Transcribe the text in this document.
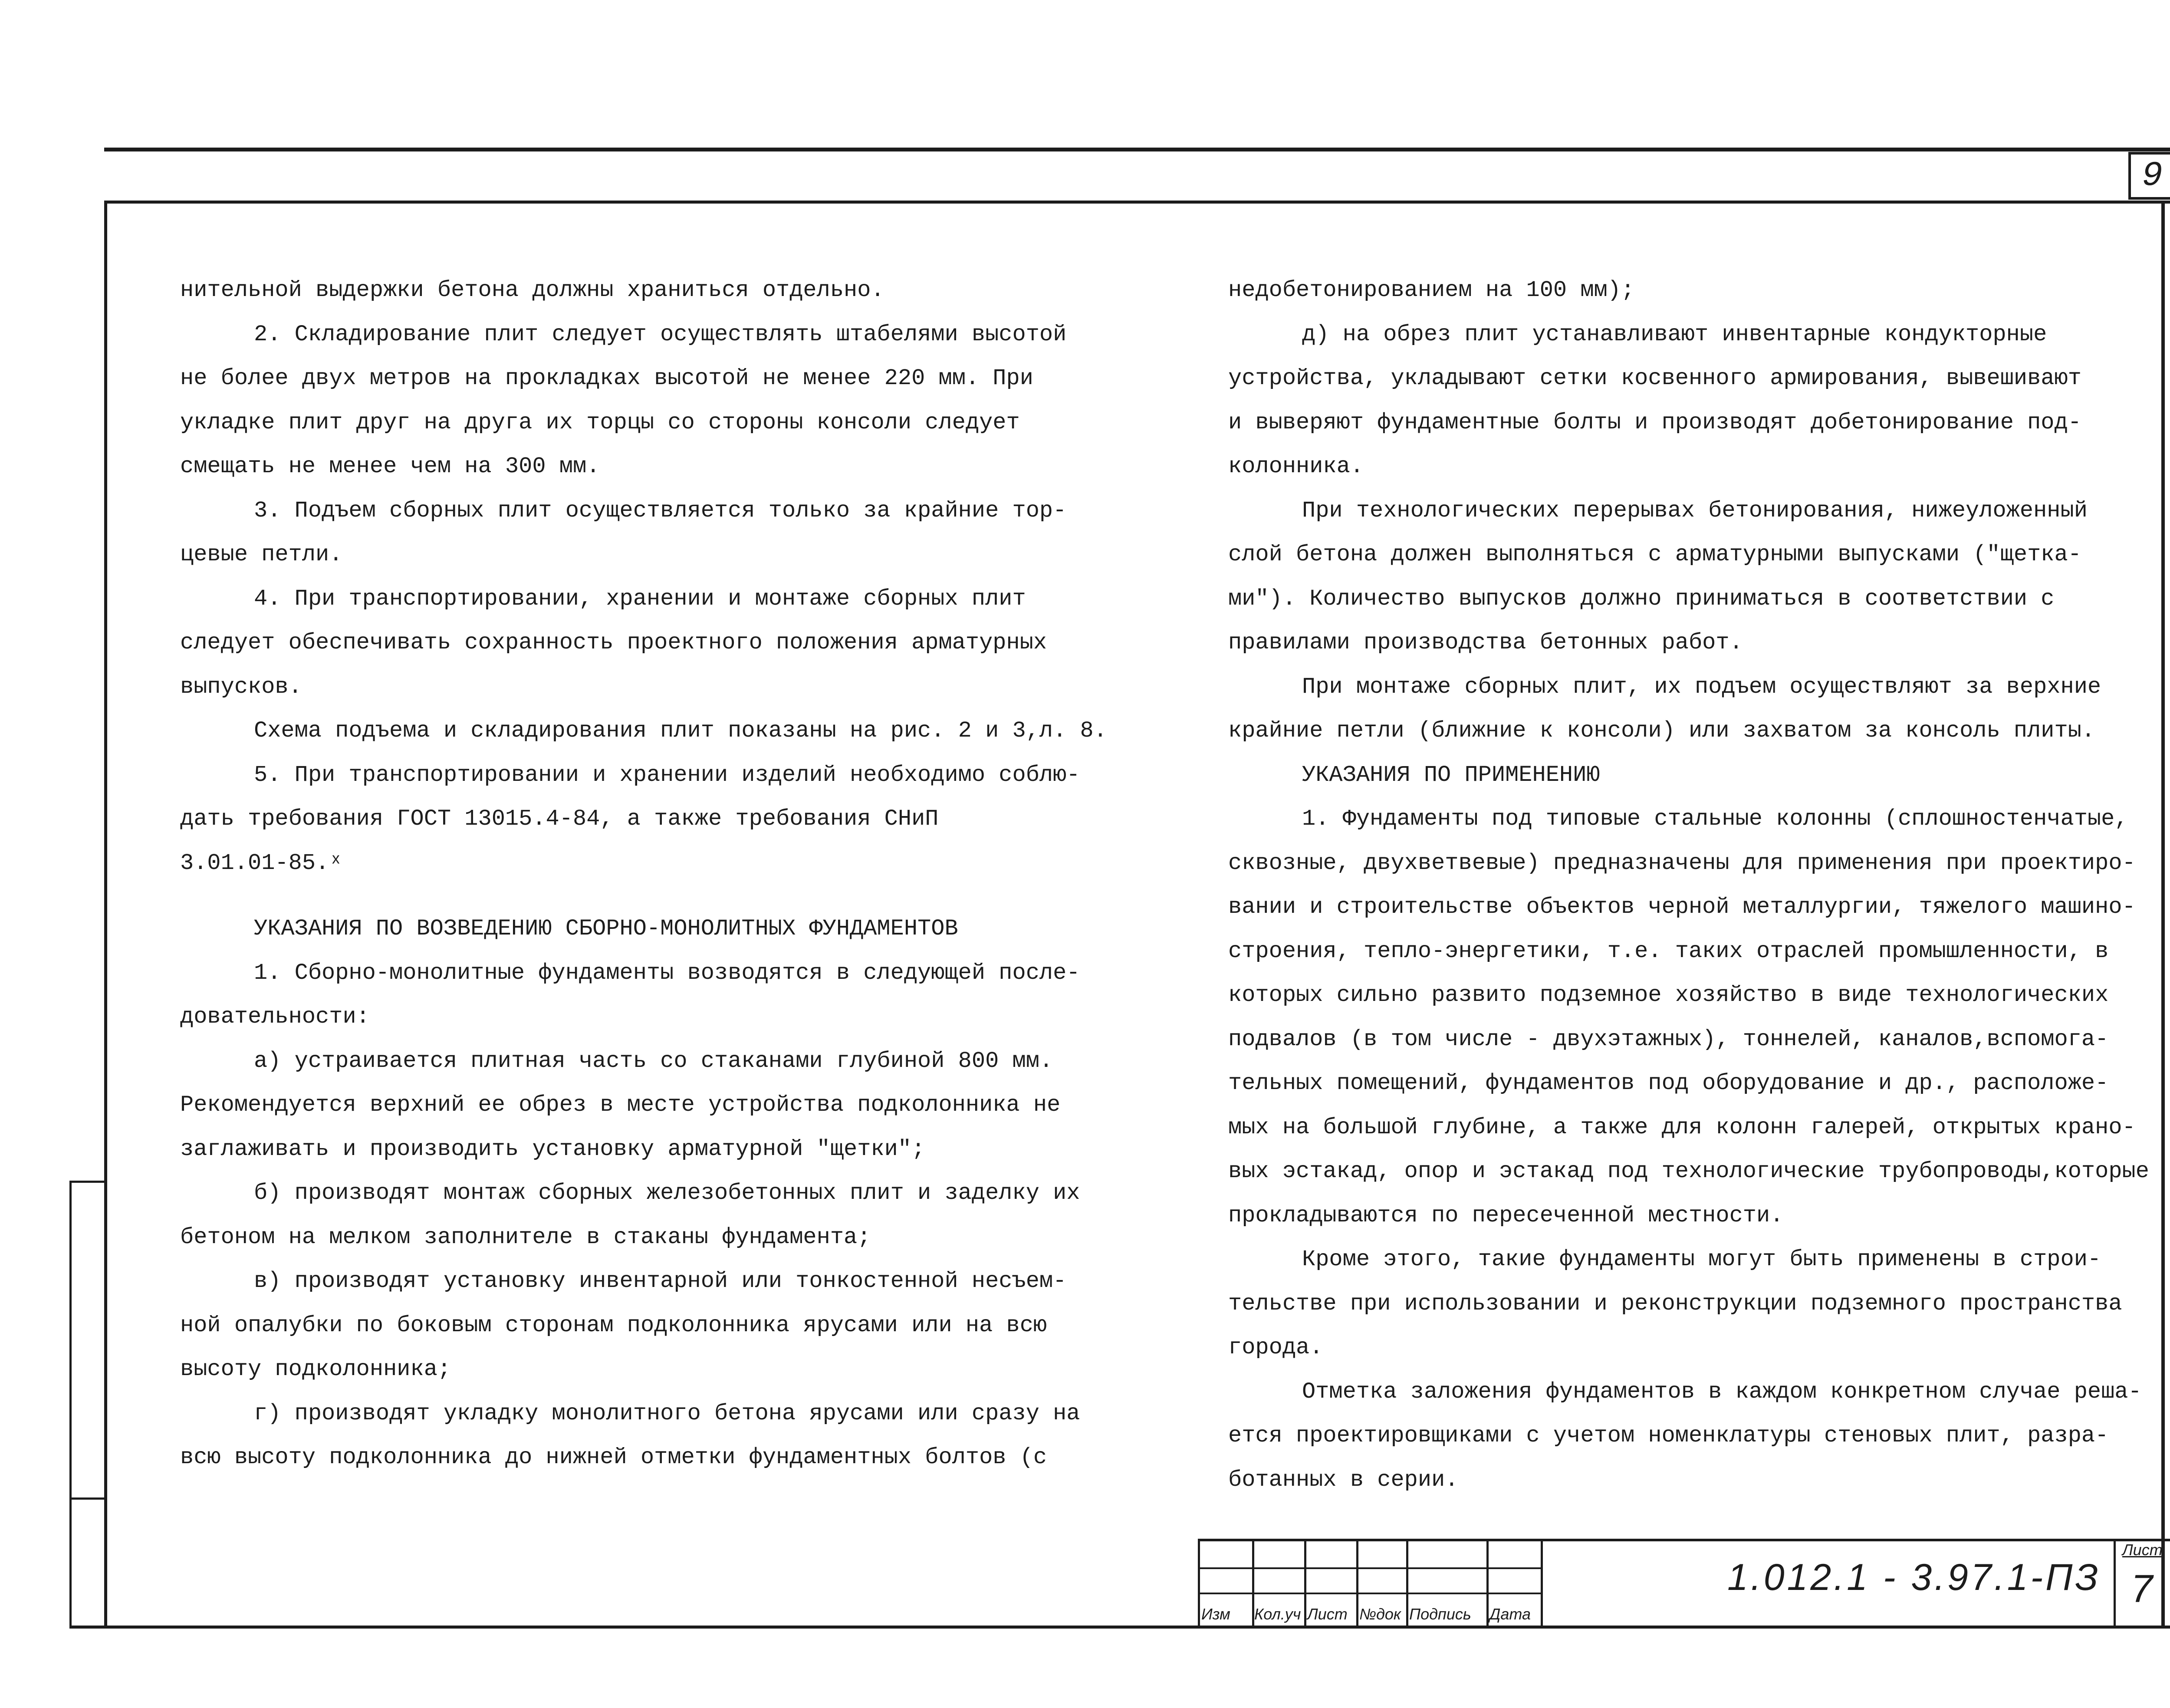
9

нительной выдержки бетона должны храниться отдельно.

2. Складирование плит следует осуществлять штабелями высотой

не более двух метров на прокладках высотой не менее 220 мм. При

укладке плит друг на друга их торцы со стороны консоли следует

смещать не менее чем на 300 мм.

3. Подъем сборных плит осуществляется только за крайние тор-

цевые петли.

4. При транспортировании, хранении и монтаже сборных плит

следует обеспечивать сохранность проектного положения арматурных

выпусков.

Схема подъема и складирования плит показаны на рис. 2 и 3,л. 8.

5. При транспортировании и хранении изделий необходимо соблю-

дать требования ГОСТ 13015.4-84, а также требования СНиП

3.01.01-85.ˣ

УКАЗАНИЯ ПО ВОЗВЕДЕНИЮ СБОРНО-МОНОЛИТНЫХ ФУНДАМЕНТОВ

1. Сборно-монолитные фундаменты возводятся в следующей после-

довательности:

а) устраивается плитная часть со стаканами глубиной 800 мм.

Рекомендуется верхний ее обрез в месте устройства подколонника не

заглаживать и производить установку арматурной "щетки";

б) производят монтаж сборных железобетонных плит и заделку их

бетоном на мелком заполнителе в стаканы фундамента;

в) производят установку инвентарной или тонкостенной несъем-

ной опалубки по боковым сторонам подколонника ярусами или на всю

высоту подколонника;

г) производят укладку монолитного бетона ярусами или сразу на

всю высоту подколонника до нижней отметки фундаментных болтов (с

недобетонированием на 100 мм);

д) на обрез плит устанавливают инвентарные кондукторные

устройства, укладывают сетки косвенного армирования, вывешивают

и выверяют фундаментные болты и производят добетонирование под-

колонника.

При технологических перерывах бетонирования, нижеуложенный

слой бетона должен выполняться с арматурными выпусками ("щетка-

ми"). Количество выпусков должно приниматься в соответствии с

правилами производства бетонных работ.

При монтаже сборных плит, их подъем осуществляют за верхние

крайние петли (ближние к консоли) или захватом за консоль плиты.

УКАЗАНИЯ ПО ПРИМЕНЕНИЮ

1. Фундаменты под типовые стальные колонны (сплошностенчатые,

сквозные, двухветвевые) предназначены для применения при проектиро-

вании и строительстве объектов черной металлургии, тяжелого машино-

строения, тепло-энергетики, т.е. таких отраслей промышленности, в

которых сильно развито подземное хозяйство в виде технологических

подвалов (в том числе - двухэтажных), тоннелей, каналов,вспомога-

тельных помещений, фундаментов под оборудование и др., расположе-

мых на большой глубине, а также для колонн галерей, открытых крано-

вых эстакад, опор и эстакад под технологические трубопроводы,которые

прокладываются по пересеченной местности.

Кроме этого, такие фундаменты могут быть применены в строи-

тельстве при использовании и реконструкции подземного пространства

города.

Отметка заложения фундаментов в каждом конкретном случае реша-

ется проектировщиками с учетом номенклатуры стеновых плит, разра-

ботанных в серии.

Изм Кол.уч Лист №док Подпись Дата
1.012.1 - 3.97.1-ПЗ
Лист
7
